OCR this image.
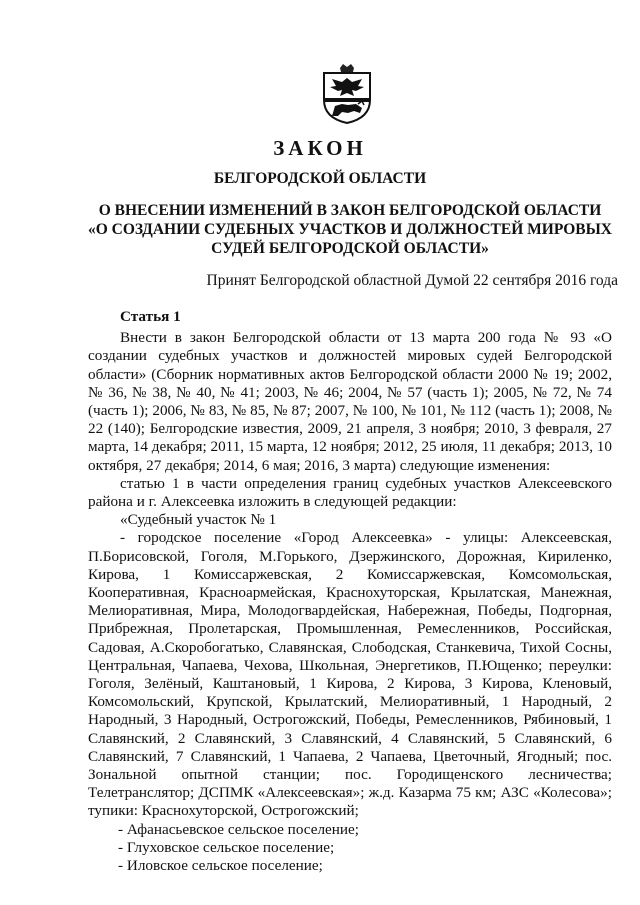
ЗАКОН
БЕЛГОРОДСКОЙ ОБЛАСТИ
О ВНЕСЕНИИ ИЗМЕНЕНИЙ В ЗАКОН БЕЛГОРОДСКОЙ ОБЛАСТИ
«О СОЗДАНИИ СУДЕБНЫХ УЧАСТКОВ И ДОЛЖНОСТЕЙ МИРОВЫХ
СУДЕЙ БЕЛГОРОДСКОЙ ОБЛАСТИ»
Принят Белгородской областной Думой 22 сентября 2016 года
Статья 1

Внести в закон Белгородской области от 13 марта 200 года № 93 «О создании судебных участков и должностей мировых судей Белгородской области» (Сборник нормативных актов Белгородской области 2000 № 19; 2002, № 36, № 38, № 40, № 41; 2003, № 46; 2004, № 57 (часть 1); 2005, № 72, № 74 (часть 1); 2006, № 83, № 85, № 87; 2007, № 100, № 101, № 112 (часть 1); 2008, № 22 (140); Белгородские известия, 2009, 21 апреля, 3 ноября; 2010, 3 февраля, 27 марта, 14 декабря; 2011, 15 марта, 12 ноября; 2012, 25 июля, 11 декабря; 2013, 10 октября, 27 декабря; 2014, 6 мая; 2016, 3 марта) следующие изменения:

статью 1 в части определения границ судебных участков Алексеевского района и г. Алексеевка изложить в следующей редакции:

«Судебный участок № 1

- городское поселение «Город Алексеевка» - улицы: Алексеевская, П.Борисовской, Гоголя, М.Горького, Дзержинского, Дорожная, Кириленко, Кирова, 1 Комиссаржевская, 2 Комиссаржевская, Комсомольская, Кооперативная, Красноармейская, Краснохуторская, Крылатская, Манежная, Мелиоративная, Мира, Молодогвардейская, Набережная, Победы, Подгорная, Прибрежная, Пролетарская, Промышленная, Ремесленников, Российская, Садовая, А.Скоробогатько, Славянская, Слободская, Станкевича, Тихой Сосны, Центральная, Чапаева, Чехова, Школьная, Энергетиков, П.Ющенко; переулки: Гоголя, Зелёный, Каштановый, 1 Кирова, 2 Кирова, 3 Кирова, Кленовый, Комсомольский, Крупской, Крылатский, Мелиоративный, 1 Народный, 2 Народный, 3 Народный, Острогожский, Победы, Ремесленников, Рябиновый, 1 Славянский, 2 Славянский, 3 Славянский, 4 Славянский, 5 Славянский, 6 Славянский, 7 Славянский, 1 Чапаева, 2 Чапаева, Цветочный, Ягодный; пос. Зональной опытной станции; пос. Городищенского лесничества; Телетранслятор; ДСПМК «Алексеевская»; ж.д. Казарма 75 км; АЗС «Колесова»; тупики: Краснохуторской, Острогожский;

- Афанасьевское сельское поселение;

- Глуховское сельское поселение;

- Иловское сельское поселение;
